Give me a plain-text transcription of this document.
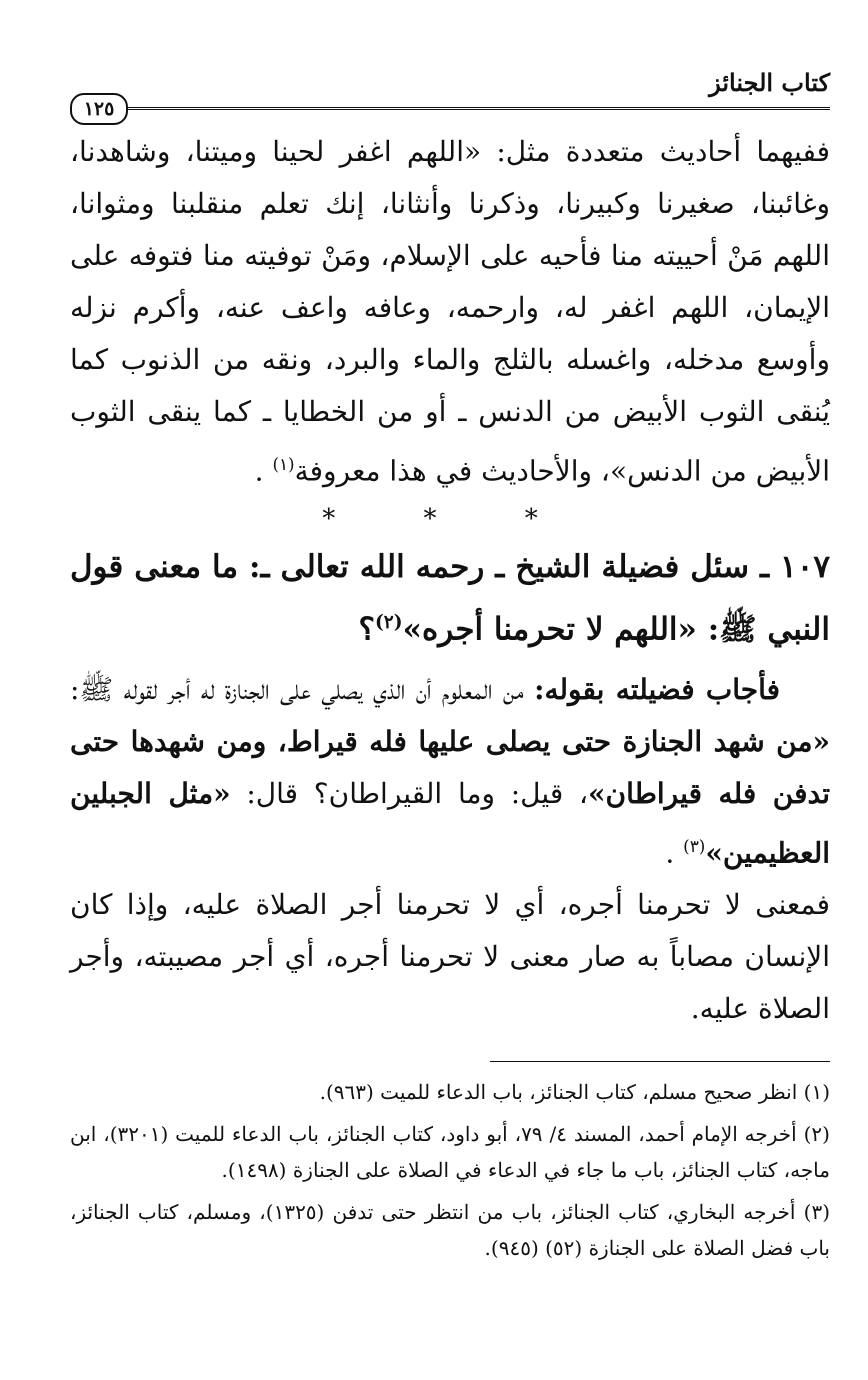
كتاب الجنائز
١٢٥

ففيهما أحاديث متعددة مثل: «اللهم اغفر لحينا وميتنا، وشاهدنا، وغائبنا، صغيرنا وكبيرنا، وذكرنا وأنثانا، إنك تعلم منقلبنا ومثوانا، اللهم مَنْ أحييته منا فأحيه على الإسلام، ومَنْ توفيته منا فتوفه على الإيمان، اللهم اغفر له، وارحمه، وعافه واعف عنه، وأكرم نزله وأوسع مدخله، واغسله بالثلج والماء والبرد، ونقه من الذنوب كما يُنقى الثوب الأبيض من الدنس ـ أو من الخطايا ـ كما ينقى الثوب الأبيض من الدنس»، والأحاديث في هذا معروفة$^{(١)}$ .

* * *

١٠٧ ـ سئل فضيلة الشيخ ـ رحمه الله تعالى ـ: ما معنى قول النبي ﷺ: «اللهم لا تحرمنا أجره»$^{(٢)}$؟

فأجاب فضيلته بقوله: من المعلوم أن الذي يصلي على الجنازة له أجر لقوله ﷺ: «من شهد الجنازة حتى يصلى عليها فله قيراط، ومن شهدها حتى تدفن فله قيراطان»، قيل: وما القيراطان؟ قال: «مثل الجبلين العظيمين»$^{(٣)}$ .

فمعنى لا تحرمنا أجره، أي لا تحرمنا أجر الصلاة عليه، وإذا كان الإنسان مصاباً به صار معنى لا تحرمنا أجره، أي أجر مصيبته، وأجر الصلاة عليه.

(١) انظر صحيح مسلم، كتاب الجنائز، باب الدعاء للميت (٩٦٣).

(٢) أخرجه الإمام أحمد، المسند ٤/ ٧٩، أبو داود، كتاب الجنائز، باب الدعاء للميت (٣٢٠١)، ابن ماجه، كتاب الجنائز، باب ما جاء في الدعاء في الصلاة على الجنازة (١٤٩٨).

(٣) أخرجه البخاري، كتاب الجنائز، باب من انتظر حتى تدفن (١٣٢٥)، ومسلم، كتاب الجنائز، باب فضل الصلاة على الجنازة (٥٢) (٩٤٥).
